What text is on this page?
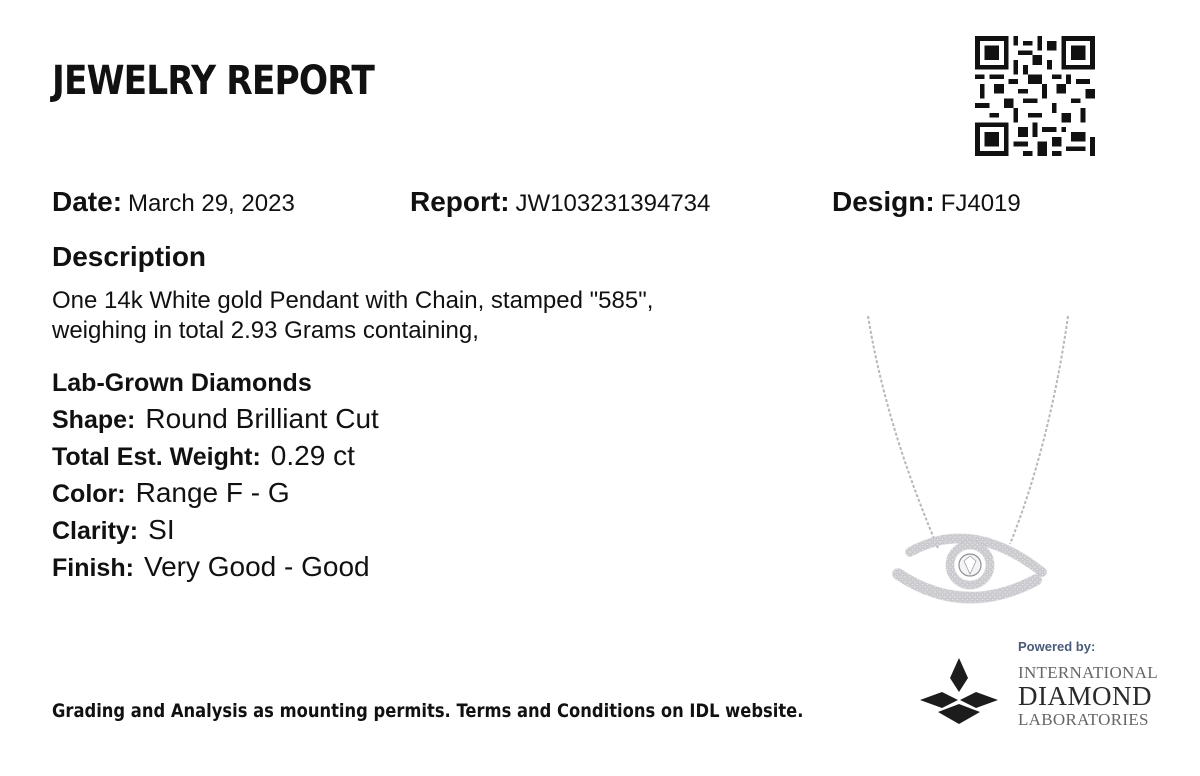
JEWELRY REPORT
Date: March 29, 2023	Report: JW103231394734	Design: FJ4019
Description

One 14k White gold Pendant with Chain, stamped "585",
weighing in total 2.93 Grams containing,

Lab-Grown Diamonds
Shape: Round Brilliant Cut
Total Est. Weight: 0.29 ct
Color: Range F - G
Clarity: SI
Finish: Very Good - Good
Grading and Analysis as mounting permits. Terms and Conditions on IDL website.
Powered by:
INTERNATIONAL
DIAMOND
LABORATORIES
